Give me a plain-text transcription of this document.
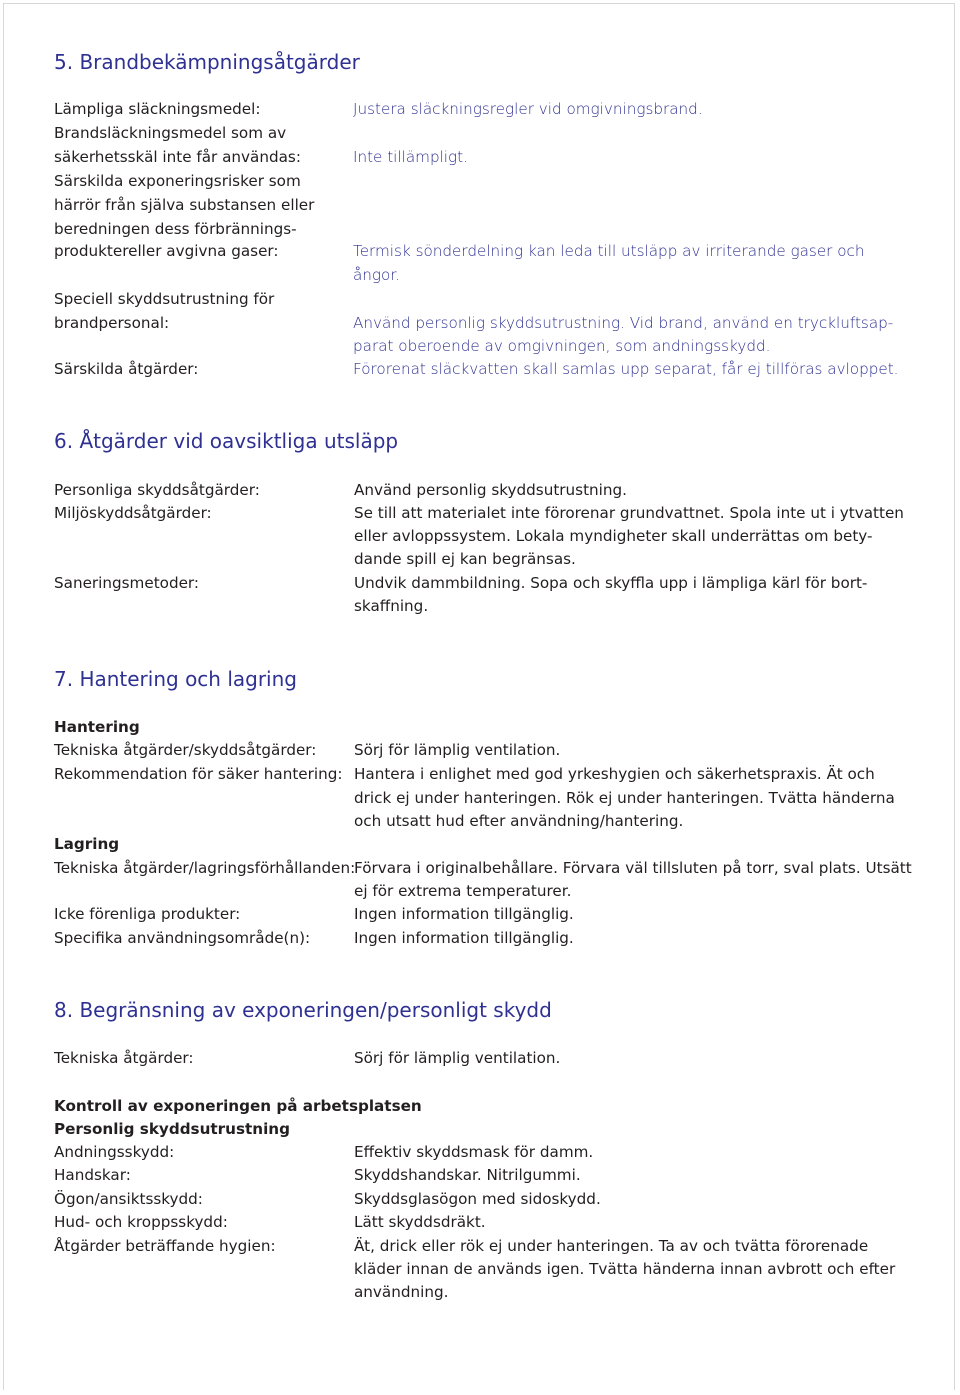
5. Brandbekämpningsåtgärder
Lämpliga släckningsmedel:
Brandsläckningsmedel som av
säkerhetsskäl inte får användas:
Särskilda exponeringsrisker som
härrör från själva substansen eller
beredningen dess förbrännings-
produktereller avgivna gaser:
Speciell skyddsutrustning för
brandpersonal:
Särskilda åtgärder:
Justera släckningsregler vid omgivningsbrand.
Inte tillämpligt.
Termisk sönderdelning kan leda till utsläpp av irriterande gaser och
ångor.
Använd personlig skyddsutrustning. Vid brand, använd en tryckluftsap-
parat oberoende av omgivningen, som andningsskydd.
Förorenat släckvatten skall samlas upp separat, får ej tillföras avloppet.
6. Åtgärder vid oavsiktliga utsläpp
Personliga skyddsåtgärder:
Miljöskyddsåtgärder:
Saneringsmetoder:
Använd personlig skyddsutrustning.
Se till att materialet inte förorenar grundvattnet. Spola inte ut i ytvatten
eller avloppssystem. Lokala myndigheter skall underrättas om bety-
dande spill ej kan begränsas.
Undvik dammbildning. Sopa och skyffla upp i lämpliga kärl för bort-
skaffning.
7. Hantering och lagring
Hantering
Tekniska åtgärder/skyddsåtgärder:
Rekommendation för säker hantering:
Lagring
Tekniska åtgärder/lagringsförhållanden:
Icke förenliga produkter:
Specifika användningsområde(n):
Sörj för lämplig ventilation.
Hantera i enlighet med god yrkeshygien och säkerhetspraxis. Ät och
drick ej under hanteringen. Rök ej under hanteringen. Tvätta händerna
och utsatt hud efter användning/hantering.
Förvara i originalbehållare. Förvara väl tillsluten på torr, sval plats. Utsätt
ej för extrema temperaturer.
Ingen information tillgänglig.
Ingen information tillgänglig.
8. Begränsning av exponeringen/personligt skydd
Tekniska åtgärder:	Sörj för lämplig ventilation.
Kontroll av exponeringen på arbetsplatsen
Personlig skyddsutrustning
Andningsskydd:
Handskar:
Ögon/ansiktsskydd:
Hud- och kroppsskydd:
Åtgärder beträffande hygien:
Effektiv skyddsmask för damm.
Skyddshandskar. Nitrilgummi.
Skyddsglasögon med sidoskydd.
Lätt skyddsdräkt.
Ät, drick eller rök ej under hanteringen. Ta av och tvätta förorenade
kläder innan de används igen. Tvätta händerna innan avbrott och efter
användning.
